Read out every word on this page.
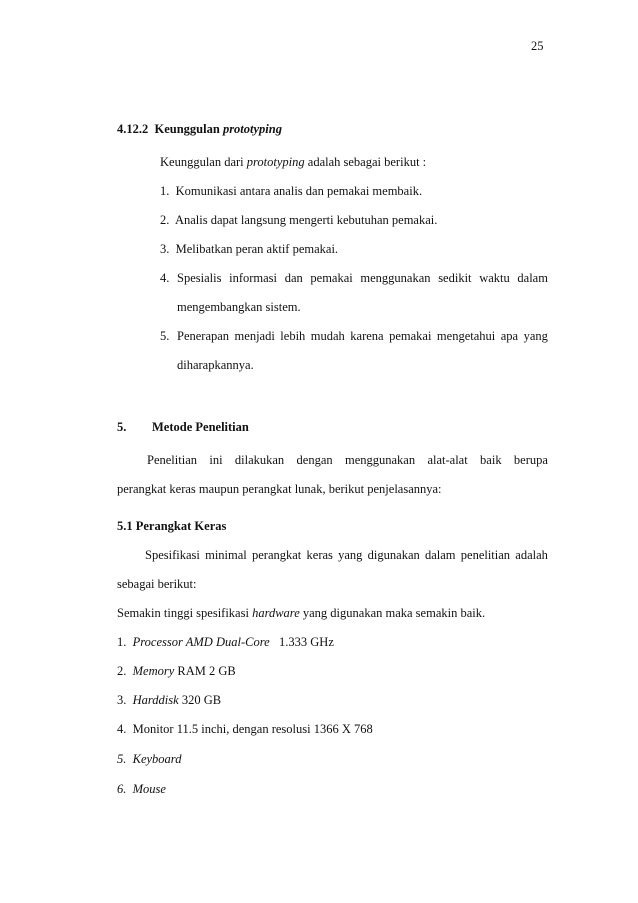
25
4.12.2 Keunggulan prototyping
Keunggulan dari prototyping adalah sebagai berikut :
1. Komunikasi antara analis dan pemakai membaik.
2. Analis dapat langsung mengerti kebutuhan pemakai.
3. Melibatkan peran aktif pemakai.
4. Spesialis informasi dan pemakai menggunakan sedikit waktu dalam
mengembangkan sistem.
5. Penerapan menjadi lebih mudah karena pemakai mengetahui apa yang
diharapkannya.
5. Metode Penelitian
Penelitian ini dilakukan dengan menggunakan alat-alat baik berupa
perangkat keras maupun perangkat lunak, berikut penjelasannya:
5.1 Perangkat Keras
Spesifikasi minimal perangkat keras yang digunakan dalam penelitian adalah
sebagai berikut:
Semakin tinggi spesifikasi hardware yang digunakan maka semakin baik.
1. Processor AMD Dual-Core 1.333 GHz
2. Memory RAM 2 GB
3. Harddisk 320 GB
4. Monitor 11.5 inchi, dengan resolusi 1366 X 768
5. Keyboard
6. Mouse
